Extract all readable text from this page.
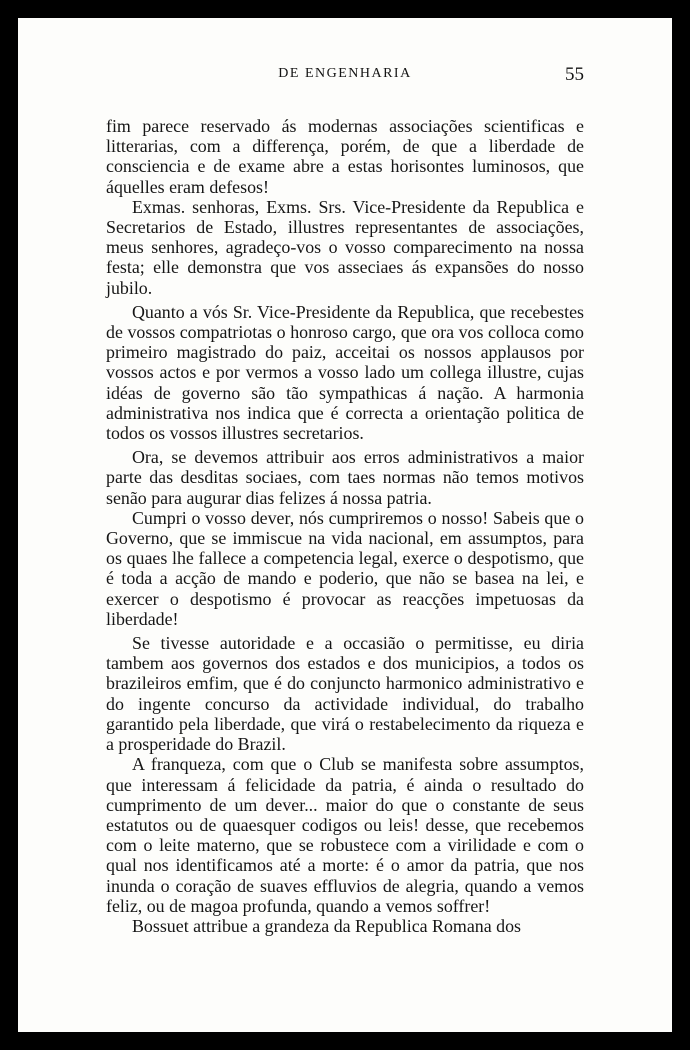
DE ENGENHARIA	55

fim parece reservado ás modernas associações scientificas e litterarias, com a differença, porém, de que a liberdade de consciencia e de exame abre a estas horisontes luminosos, que áquelles eram defesos!

Exmas. senhoras, Exms. Srs. Vice-Presidente da Republica e Secretarios de Estado, illustres representantes de associações, meus senhores, agradeço-vos o vosso comparecimento na nossa festa; elle demonstra que vos asseciaes ás expansões do nosso jubilo.

Quanto a vós Sr. Vice-Presidente da Republica, que recebestes de vossos compatriotas o honroso cargo, que ora vos colloca como primeiro magistrado do paiz, acceitai os nossos applausos por vossos actos e por vermos a vosso lado um collega illustre, cujas idéas de governo são tão sympathicas á nação. A harmonia administrativa nos indica que é correcta a orientação politica de todos os vossos illustres secretarios.

Ora, se devemos attribuir aos erros administrativos a maior parte das desditas sociaes, com taes normas não temos motivos senão para augurar dias felizes á nossa patria.

Cumpri o vosso dever, nós cumpriremos o nosso! Sabeis que o Governo, que se immiscue na vida nacional, em assumptos, para os quaes lhe fallece a competencia legal, exerce o despotismo, que é toda a acção de mando e poderio, que não se basea na lei, e exercer o despotismo é provocar as reacções impetuosas da liberdade!

Se tivesse autoridade e a occasião o permitisse, eu diria tambem aos governos dos estados e dos municipios, a todos os brazileiros emfim, que é do conjuncto harmonico administrativo e do ingente concurso da actividade individual, do trabalho garantido pela liberdade, que virá o restabelecimento da riqueza e a prosperidade do Brazil.

A franqueza, com que o Club se manifesta sobre assumptos, que interessam á felicidade da patria, é ainda o resultado do cumprimento de um dever... maior do que o constante de seus estatutos ou de quaesquer codigos ou leis! desse, que recebemos com o leite materno, que se robustece com a virilidade e com o qual nos identificamos até a morte: é o amor da patria, que nos inunda o coração de suaves effluvios de alegria, quando a vemos feliz, ou de magoa profunda, quando a vemos soffrer!

Bossuet attribue a grandeza da Republica Romana dos
